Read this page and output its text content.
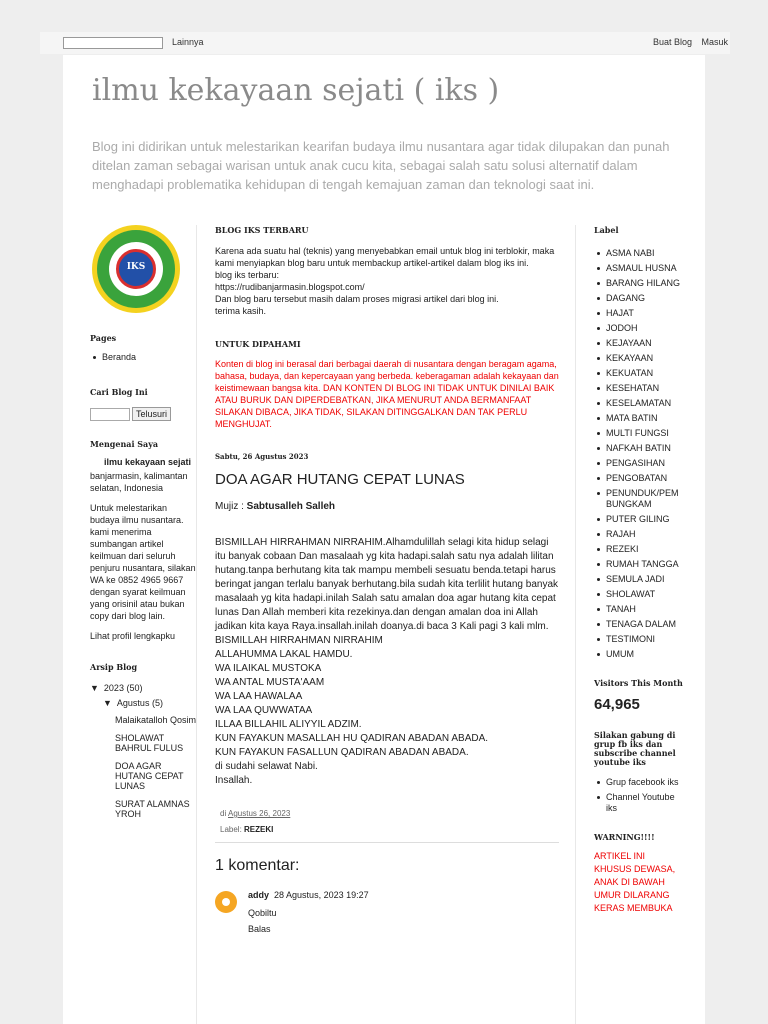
Lainnya	Buat Blog Masuk
ilmu kekayaan sejati ( iks )
Blog ini didirikan untuk melestarikan kearifan budaya ilmu nusantara agar tidak dilupakan dan punah ditelan zaman sebagai warisan untuk anak cucu kita, sebagai salah satu solusi alternatif dalam menghadapi problematika kehidupan di tengah kemajuan zaman dan teknologi saat ini.
IKS
Pages
Beranda
Cari Blog Ini
Telusuri
Mengenai Saya
ilmu kekayaan sejati
banjarmasin, kalimantan selatan, Indonesia
Untuk melestarikan budaya ilmu nusantara. kami menerima sumbangan artikel keilmuan dari seluruh penjuru nusantara, silakan WA ke 0852 4965 9667 dengan syarat keilmuan yang orisinil atau bukan copy dari blog lain.
Lihat profil lengkapku
Arsip Blog
▼  2023 (50)
▼  Agustus (5)
Malaikatalloh Qosim
SHOLAWAT BAHRUL FULUS
DOA AGAR HUTANG CEPAT LUNAS
SURAT ALAMNAS YROH
BLOG IKS TERBARU
Karena ada suatu hal (teknis) yang menyebabkan email untuk blog ini terblokir, maka kami menyiapkan blog baru untuk membackup artikel-artikel dalam blog iks ini.
blog iks terbaru:
https://rudibanjarmasin.blogspot.com/
Dan blog baru tersebut masih dalam proses migrasi artikel dari blog ini.
terima kasih.
UNTUK DIPAHAMI
Konten di blog ini berasal dari berbagai daerah di nusantara dengan beragam agama, bahasa, budaya, dan kepercayaan yang berbeda. keberagaman adalah kekayaan dan keistimewaan bangsa kita. DAN KONTEN DI BLOG INI TIDAK UNTUK DINILAI BAIK ATAU BURUK DAN DIPERDEBATKAN, JIKA MENURUT ANDA BERMANFAAT SILAKAN DIBACA, JIKA TIDAK, SILAKAN DITINGGALKAN DAN TAK PERLU MENGHUJAT.
Sabtu, 26 Agustus 2023
DOA AGAR HUTANG CEPAT LUNAS
Mujiz : Sabtusalleh Salleh
BISMILLAH HIRRAHMAN NIRRAHIM.Alhamdulillah selagi kita hidup selagi itu banyak cobaan Dan masalaah yg kita hadapi.salah satu nya adalah lilitan hutang.tanpa berhutang kita tak mampu membeli sesuatu benda.tetapi harus beringat jangan terlalu banyak berhutang.bila sudah kita terlilit hutang banyak masalaah yg kita hadapi.inilah Salah satu amalan doa agar hutang kita cepat lunas Dan Allah memberi kita rezekinya.dan dengan amalan doa ini Allah jadikan kita kaya Raya.insallah.inilah doanya.di baca 3 Kali pagi 3 kali mlm.
BISMILLAH HIRRAHMAN NIRRAHIM
ALLAHUMMA LAKAL HAMDU.
WA ILAIKAL MUSTOKA
WA ANTAL MUSTA'AAM
WA LAA HAWALAA
WA LAA QUWWATAA
ILLAA BILLAHIL ALIYYIL ADZIM.
KUN FAYAKUN MASALLAH HU QADIRAN ABADAN ABADA.
KUN FAYAKUN FASALLUN QADIRAN ABADAN ABADA.
di sudahi selawat Nabi.
Insallah.
di Agustus 26, 2023
Label: REZEKI
1 komentar:
addy 28 Agustus, 2023 19:27
Qobiltu
Balas
Label
ASMA NABI
ASMAUL HUSNA
BARANG HILANG
DAGANG
HAJAT
JODOH
KEJAYAAN
KEKAYAAN
KEKUATAN
KESEHATAN
KESELAMATAN
MATA BATIN
MULTI FUNGSI
NAFKAH BATIN
PENGASIHAN
PENGOBATAN
PENUNDUK/PEMBUNGKAM
PUTER GILING
RAJAH
REZEKI
RUMAH TANGGA
SEMULA JADI
SHOLAWAT
TANAH
TENAGA DALAM
TESTIMONI
UMUM
Visitors This Month
64,965
Silakan gabung di grup fb iks dan subscribe channel youtube iks
Grup facebook iks
Channel Youtube iks
WARNING!!!!
ARTIKEL INI KHUSUS DEWASA, ANAK DI BAWAH UMUR DILARANG KERAS MEMBUKA
